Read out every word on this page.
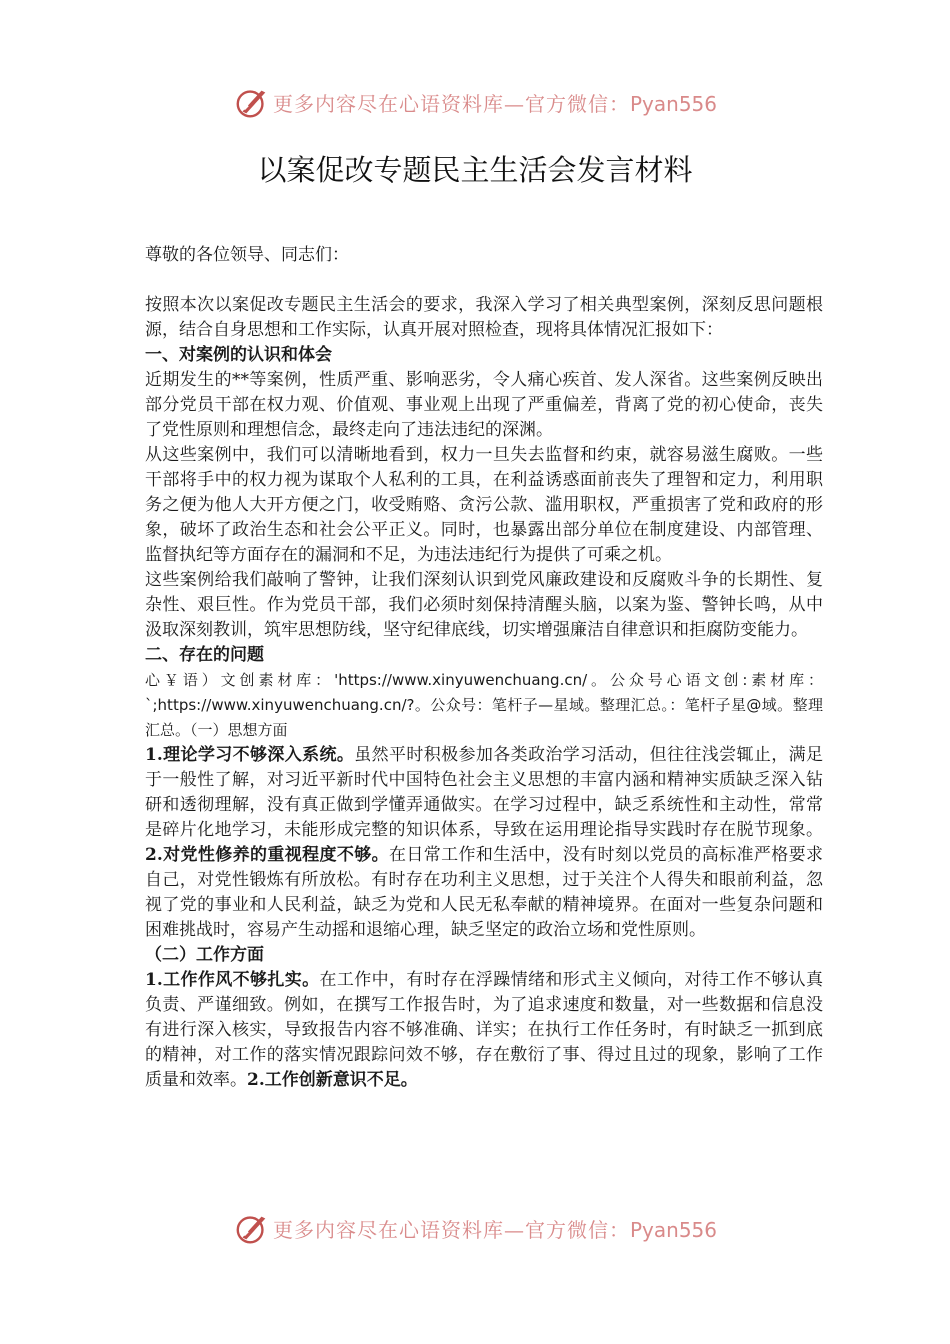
更多内容尽在心语资料库—官方微信：Pyan556
以案促改专题民主生活会发言材料

尊敬的各位领导、同志们：

按照本次以案促改专题民主生活会的要求，我深入学习了相关典型案例，深刻反思问题根源，结合自身思想和工作实际，认真开展对照检查，现将具体情况汇报如下：

一、对案例的认识和体会

近期发生的**等案例，性质严重、影响恶劣，令人痛心疾首、发人深省。这些案例反映出部分党员干部在权力观、价值观、事业观上出现了严重偏差，背离了党的初心使命，丧失了党性原则和理想信念，最终走向了违法违纪的深渊。

从这些案例中，我们可以清晰地看到，权力一旦失去监督和约束，就容易滋生腐败。一些干部将手中的权力视为谋取个人私利的工具，在利益诱惑面前丧失了理智和定力，利用职务之便为他人大开方便之门，收受贿赂、贪污公款、滥用职权，严重损害了党和政府的形象，破坏了政治生态和社会公平正义。同时，也暴露出部分单位在制度建设、内部管理、监督执纪等方面存在的漏洞和不足，为违法违纪行为提供了可乘之机。

这些案例给我们敲响了警钟，让我们深刻认识到党风廉政建设和反腐败斗争的长期性、复杂性、艰巨性。作为党员干部，我们必须时刻保持清醒头脑，以案为鉴、警钟长鸣，从中汲取深刻教训，筑牢思想防线，坚守纪律底线，切实增强廉洁自律意识和拒腐防变能力。

二、存在的问题

心￥语）文创素材库：'https://www.xinyuwenchuang.cn/。公众号心语文创:素材库：`;https://www.xinyuwenchuang.cn/?。公众号：笔杆子—星域。整理汇总。：笔杆子星@域。整理汇总。（一）思想方面

1.理论学习不够深入系统。虽然平时积极参加各类政治学习活动，但往往浅尝辄止，满足于一般性了解，对习近平新时代中国特色社会主义思想的丰富内涵和精神实质缺乏深入钻研和透彻理解，没有真正做到学懂弄通做实。在学习过程中，缺乏系统性和主动性，常常是碎片化地学习，未能形成完整的知识体系，导致在运用理论指导实践时存在脱节现象。2.对党性修养的重视程度不够。在日常工作和生活中，没有时刻以党员的高标准严格要求自己，对党性锻炼有所放松。有时存在功利主义思想，过于关注个人得失和眼前利益，忽视了党的事业和人民利益，缺乏为党和人民无私奉献的精神境界。在面对一些复杂问题和困难挑战时，容易产生动摇和退缩心理，缺乏坚定的政治立场和党性原则。

（二）工作方面

1.工作作风不够扎实。在工作中，有时存在浮躁情绪和形式主义倾向，对待工作不够认真负责、严谨细致。例如，在撰写工作报告时，为了追求速度和数量，对一些数据和信息没有进行深入核实，导致报告内容不够准确、详实；在执行工作任务时，有时缺乏一抓到底的精神，对工作的落实情况跟踪问效不够，存在敷衍了事、得过且过的现象，影响了工作质量和效率。2.工作创新意识不足。

更多内容尽在心语资料库—官方微信：Pyan556
